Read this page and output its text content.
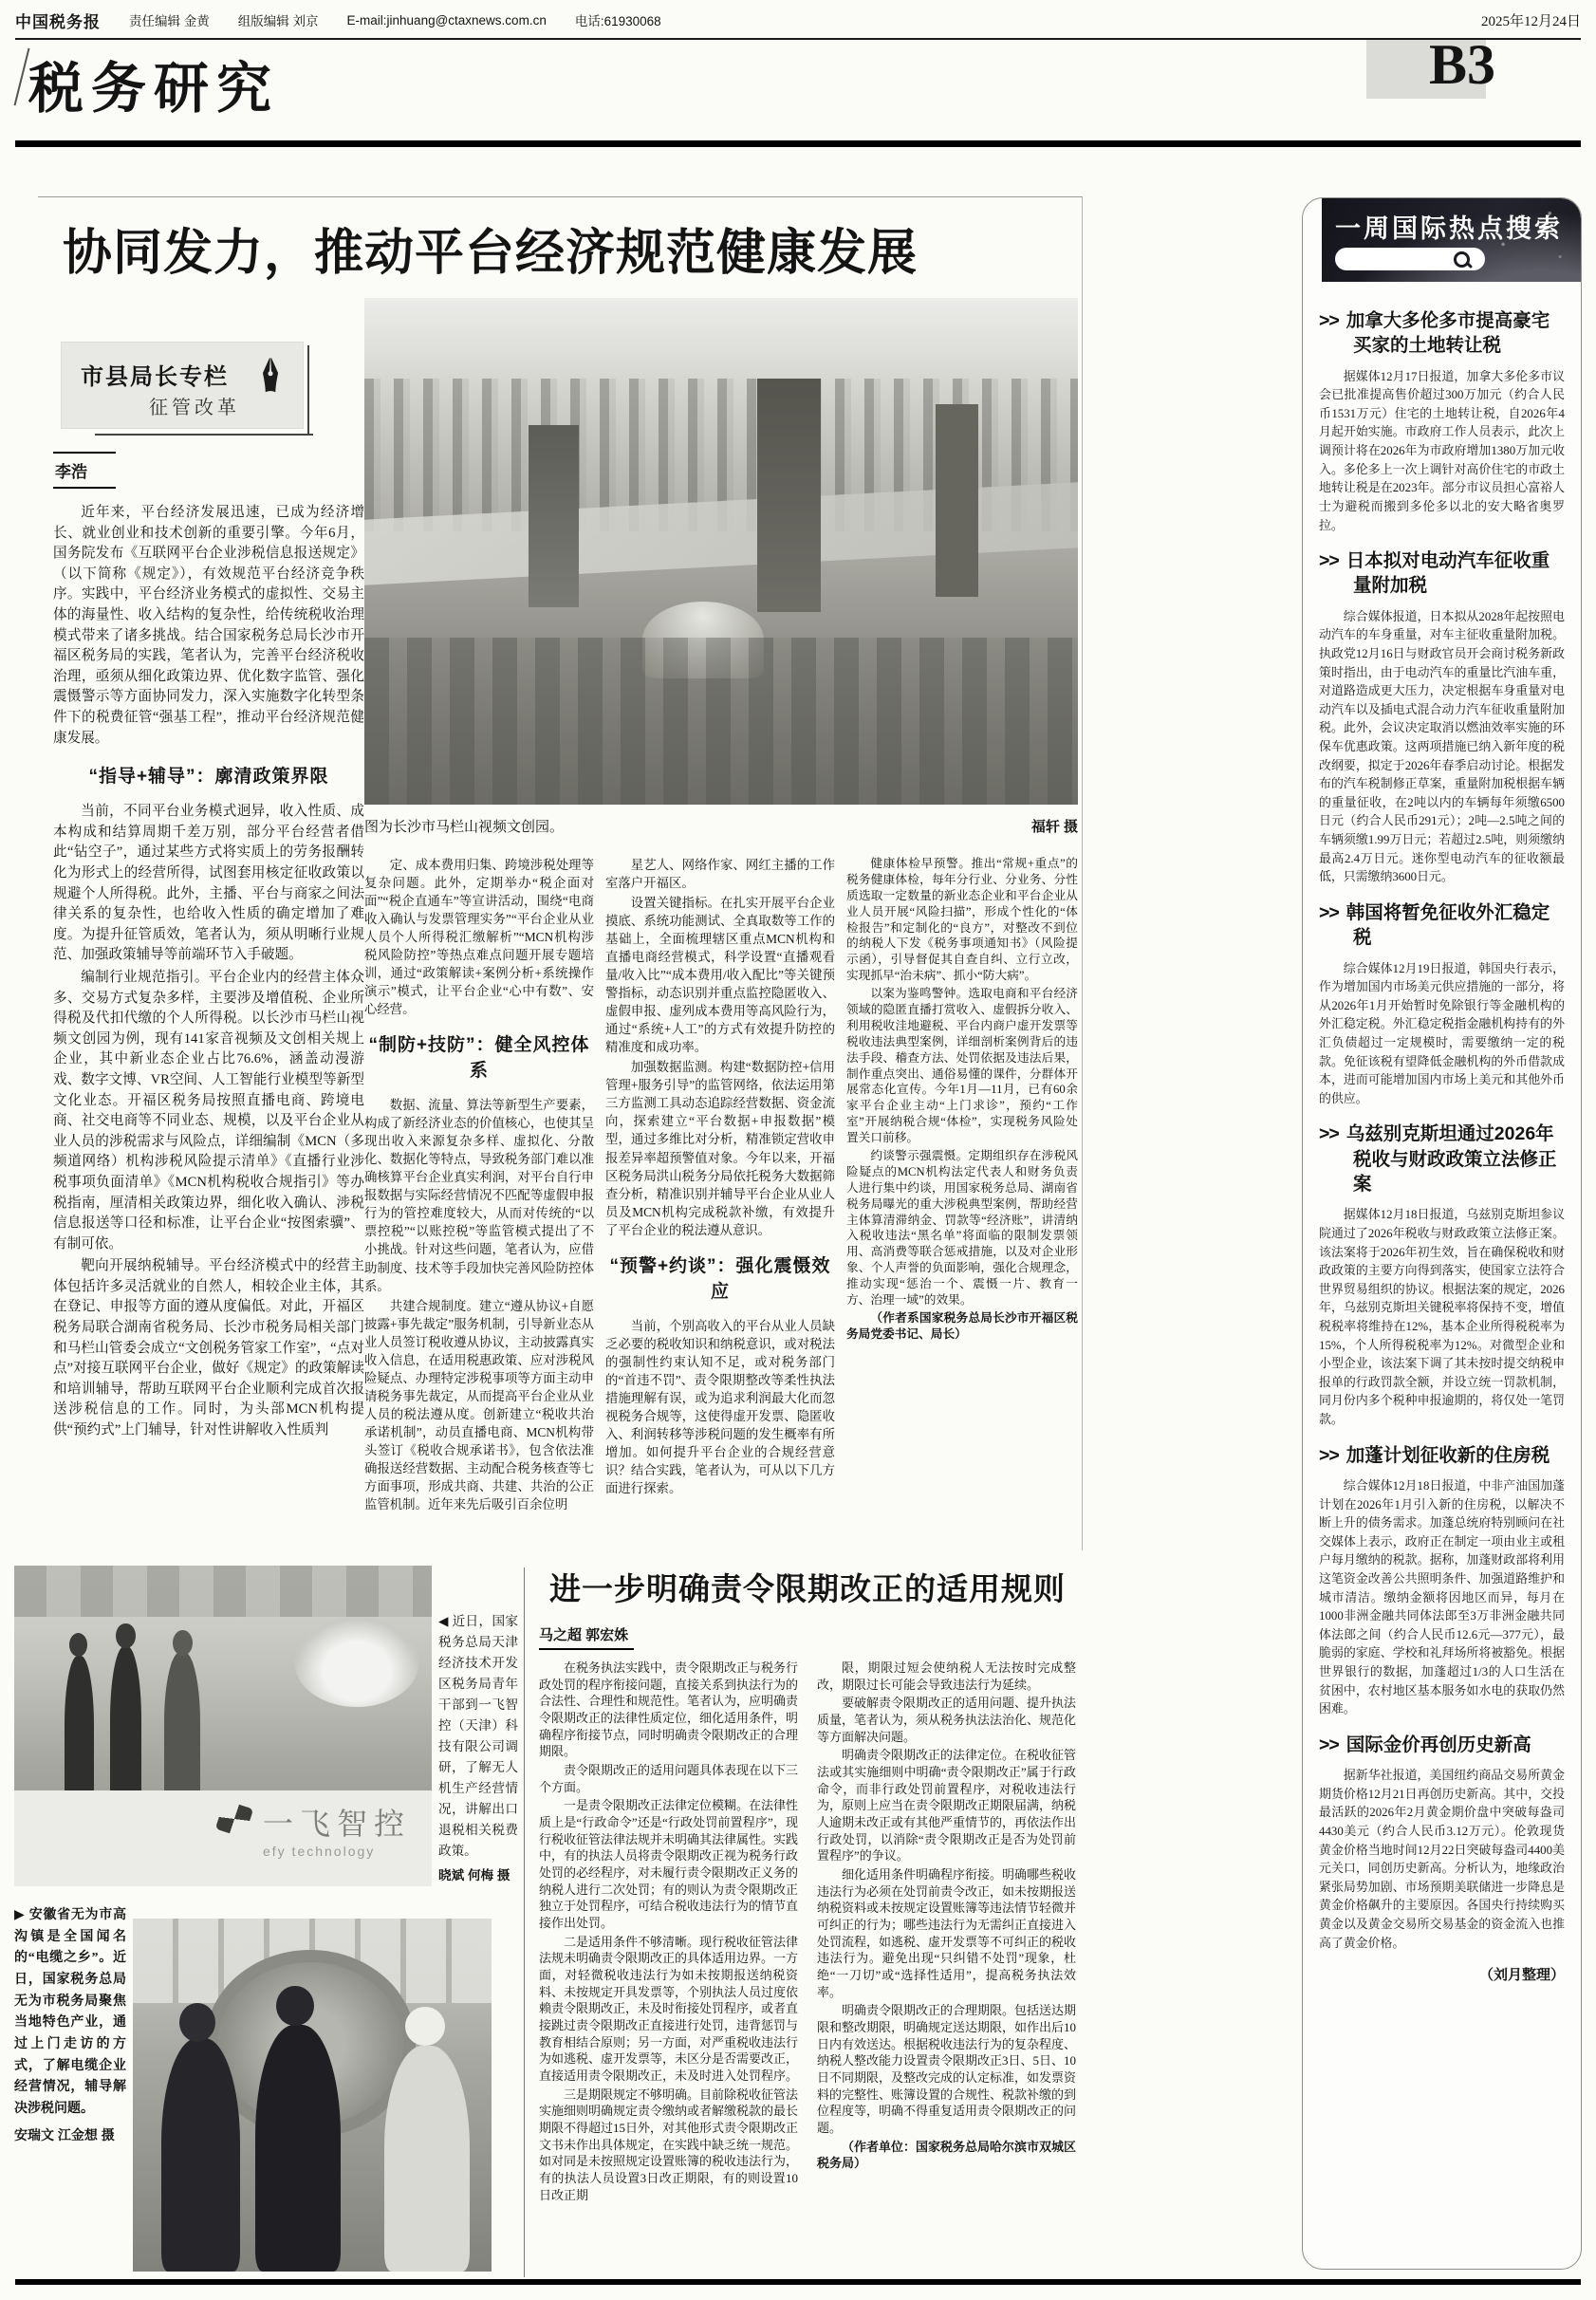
中国税务报 责任编辑 金黄 组版编辑 刘京 E-mail:jinhuang@ctaxnews.com.cn 电话:61930068	2025年12月24日
税务研究	B3
协同发力，推动平台经济规范健康发展
市县局长专栏
征管改革
✒
李浩

近年来，平台经济发展迅速，已成为经济增长、就业创业和技术创新的重要引擎。今年6月，国务院发布《互联网平台企业涉税信息报送规定》（以下简称《规定》），有效规范平台经济竞争秩序。实践中，平台经济业务模式的虚拟性、交易主体的海量性、收入结构的复杂性，给传统税收治理模式带来了诸多挑战。结合国家税务总局长沙市开福区税务局的实践，笔者认为，完善平台经济税收治理，亟须从细化政策边界、优化数字监管、强化震慑警示等方面协同发力，深入实施数字化转型条件下的税费征管“强基工程”，推动平台经济规范健康发展。

“指导+辅导”：廓清政策界限

当前，不同平台业务模式迥异，收入性质、成本构成和结算周期千差万别，部分平台经营者借此“钻空子”，通过某些方式将实质上的劳务报酬转化为形式上的经营所得，试图套用核定征收政策以规避个人所得税。此外，主播、平台与商家之间法律关系的复杂性，也给收入性质的确定增加了难度。为提升征管质效，笔者认为，须从明晰行业规范、加强政策辅导等前端环节入手破题。

编制行业规范指引。平台企业内的经营主体众多、交易方式复杂多样，主要涉及增值税、企业所得税及代扣代缴的个人所得税。以长沙市马栏山视频文创园为例，现有141家音视频及文创相关规上企业，其中新业态企业占比76.6%，涵盖动漫游戏、数字文博、VR空间、人工智能行业模型等新型文化业态。开福区税务局按照直播电商、跨境电商、社交电商等不同业态、规模，以及平台企业从业人员的涉税需求与风险点，详细编制《MCN（多频道网络）机构涉税风险提示清单》《直播行业涉税事项负面清单》《MCN机构税收合规指引》等办税指南，厘清相关政策边界，细化收入确认、涉税信息报送等口径和标准，让平台企业“按图索骥”、有制可依。

靶向开展纳税辅导。平台经济模式中的经营主体包括许多灵活就业的自然人，相较企业主体，其在登记、申报等方面的遵从度偏低。对此，开福区税务局联合湖南省税务局、长沙市税务局相关部门和马栏山管委会成立“文创税务管家工作室”，“点对点”对接互联网平台企业，做好《规定》的政策解读和培训辅导，帮助互联网平台企业顺利完成首次报送涉税信息的工作。同时，为头部MCN机构提供“预约式”上门辅导，针对性讲解收入性质判

图为长沙市马栏山视频文创园。	福轩 摄

定、成本费用归集、跨境涉税处理等复杂问题。此外，定期举办“税企面对面”“税企直通车”等宣讲活动，围绕“电商收入确认与发票管理实务”“平台企业从业人员个人所得税汇缴解析”“MCN机构涉税风险防控”等热点难点问题开展专题培训，通过“政策解读+案例分析+系统操作演示”模式，让平台企业“心中有数”、安心经营。

“制防+技防”：健全风控体系

数据、流量、算法等新型生产要素，构成了新经济业态的价值核心，也使其呈现出收入来源复杂多样、虚拟化、分散化、数据化等特点，导致税务部门难以准确核算平台企业真实利润，对平台自行申报数据与实际经营情况不匹配等虚假申报行为的管控难度较大，从而对传统的“以票控税”“以账控税”等监管模式提出了不小挑战。针对这些问题，笔者认为，应借助制度、技术等手段加快完善风险防控体系。

共建合规制度。建立“遵从协议+自愿披露+事先裁定”服务机制，引导新业态从业人员签订税收遵从协议，主动披露真实收入信息，在适用税惠政策、应对涉税风险疑点、办理特定涉税事项等方面主动申请税务事先裁定，从而提高平台企业从业人员的税法遵从度。创新建立“税收共治承诺机制”，动员直播电商、MCN机构带头签订《税收合规承诺书》，包含依法准确报送经营数据、主动配合税务核查等七方面事项，形成共商、共建、共治的公正监管机制。近年来先后吸引百余位明

星艺人、网络作家、网红主播的工作室落户开福区。

设置关键指标。在扎实开展平台企业摸底、系统功能测试、全真取数等工作的基础上，全面梳理辖区重点MCN机构和直播电商经营模式，科学设置“直播观看量/收入比”“成本费用/收入配比”等关键预警指标，动态识别并重点监控隐匿收入、虚假申报、虚列成本费用等高风险行为，通过“系统+人工”的方式有效提升防控的精准度和成功率。

加强数据监测。构建“数据防控+信用管理+服务引导”的监管网络，依法运用第三方监测工具动态追踪经营数据、资金流向，探索建立“平台数据+申报数据”模型，通过多维比对分析，精准锁定营收申报差异率超预警值对象。今年以来，开福区税务局洪山税务分局依托税务大数据筛查分析，精准识别并辅导平台企业从业人员及MCN机构完成税款补缴，有效提升了平台企业的税法遵从意识。

“预警+约谈”：强化震慑效应

当前，个别高收入的平台从业人员缺乏必要的税收知识和纳税意识，或对税法的强制性约束认知不足，或对税务部门的“首违不罚”、责令限期整改等柔性执法措施理解有误，或为追求利润最大化而忽视税务合规等，这使得虚开发票、隐匿收入、利润转移等涉税问题的发生概率有所增加。如何提升平台企业的合规经营意识？结合实践，笔者认为，可从以下几方面进行探索。

健康体检早预警。推出“常规+重点”的税务健康体检，每年分行业、分业务、分性质选取一定数量的新业态企业和平台企业从业人员开展“风险扫描”，形成个性化的“体检报告”和定制化的“良方”，对整改不到位的纳税人下发《税务事项通知书》（风险提示函），引导督促其自查自纠、立行立改，实现抓早“治未病”、抓小“防大病”。

以案为鉴鸣警钟。选取电商和平台经济领域的隐匿直播打赏收入、虚假拆分收入、利用税收洼地避税、平台内商户虚开发票等税收违法典型案例，详细剖析案例背后的违法手段、稽查方法、处罚依据及违法后果，制作重点突出、通俗易懂的课件，分群体开展常态化宣传。今年1月—11月，已有60余家平台企业主动“上门求诊”，预约“工作室”开展纳税合规“体检”，实现税务风险处置关口前移。

约谈警示强震慑。定期组织存在涉税风险疑点的MCN机构法定代表人和财务负责人进行集中约谈，用国家税务总局、湖南省税务局曝光的重大涉税典型案例，帮助经营主体算清滞纳金、罚款等“经济账”，讲清纳入税收违法“黑名单”将面临的限制发票领用、高消费等联合惩戒措施，以及对企业形象、个人声誉的负面影响，强化合规理念，推动实现“惩治一个、震慑一片、教育一方、治理一域”的效果。

（作者系国家税务总局长沙市开福区税务局党委书记、局长）

一周国际热点搜索
>> 加拿大多伦多市提高豪宅买家的土地转让税

据媒体12月17日报道，加拿大多伦多市议会已批准提高售价超过300万加元（约合人民币1531万元）住宅的土地转让税，自2026年4月起开始实施。市政府工作人员表示，此次上调预计将在2026年为市政府增加1380万加元收入。多伦多上一次上调针对高价住宅的市政土地转让税是在2023年。部分市议员担心富裕人士为避税而搬到多伦多以北的安大略省奥罗拉。

>> 日本拟对电动汽车征收重量附加税

综合媒体报道，日本拟从2028年起按照电动汽车的车身重量，对车主征收重量附加税。执政党12月16日与财政官员开会商讨税务新政策时指出，由于电动汽车的重量比汽油车重，对道路造成更大压力，决定根据车身重量对电动汽车以及插电式混合动力汽车征收重量附加税。此外，会议决定取消以燃油效率实施的环保车优惠政策。这两项措施已纳入新年度的税改纲要，拟定于2026年春季启动讨论。根据发布的汽车税制修正草案，重量附加税根据车辆的重量征收，在2吨以内的车辆每年须缴6500日元（约合人民币291元）；2吨—2.5吨之间的车辆须缴1.99万日元；若超过2.5吨，则须缴纳最高2.4万日元。迷你型电动汽车的征收额最低，只需缴纳3600日元。

>> 韩国将暂免征收外汇稳定税

综合媒体12月19日报道，韩国央行表示，作为增加国内市场美元供应措施的一部分，将从2026年1月开始暂时免除银行等金融机构的外汇稳定税。外汇稳定税指金融机构持有的外汇负债超过一定规模时，需要缴纳一定的税款。免征该税有望降低金融机构的外币借款成本，进而可能增加国内市场上美元和其他外币的供应。

>> 乌兹别克斯坦通过2026年税收与财政政策立法修正案

据媒体12月18日报道，乌兹别克斯坦参议院通过了2026年税收与财政政策立法修正案。该法案将于2026年初生效，旨在确保税收和财政政策的主要方向得到落实，使国家立法符合世界贸易组织的协议。根据法案的规定，2026年，乌兹别克斯坦关键税率将保持不变，增值税税率将维持在12%，基本企业所得税税率为15%，个人所得税税率为12%。对微型企业和小型企业，该法案下调了其未按时提交纳税申报单的行政罚款全额，并设立统一罚款机制，同月份内多个税种申报逾期的，将仅处一笔罚款。

>> 加蓬计划征收新的住房税

综合媒体12月18日报道，中非产油国加蓬计划在2026年1月引入新的住房税，以解决不断上升的债务需求。加蓬总统府特别顾问在社交媒体上表示，政府正在制定一项由业主或租户每月缴纳的税款。据称，加蓬财政部将利用这笔资金改善公共照明条件、加强道路维护和城市清洁。缴纳金额将因地区而异，每月在1000非洲金融共同体法郎至3万非洲金融共同体法郎之间（约合人民币12.6元—377元），最脆弱的家庭、学校和礼拜场所将被豁免。根据世界银行的数据，加蓬超过1/3的人口生活在贫困中，农村地区基本服务如水电的获取仍然困难。

>> 国际金价再创历史新高

据新华社报道，美国纽约商品交易所黄金期货价格12月21日再创历史新高。其中，交投最活跃的2026年2月黄金期价盘中突破每盎司4430美元（约合人民币3.12万元）。伦敦现货黄金价格当地时间12月22日突破每盎司4400美元关口，同创历史新高。分析认为，地缘政治紧张局势加剧、市场预期美联储进一步降息是黄金价格飙升的主要原因。各国央行持续购买黄金以及黄金交易所交易基金的资金流入也推高了黄金价格。

（刘月整理）
一飞智控
efy technology
◀ 近日，国家税务总局天津经济技术开发区税务局青年干部到一飞智控（天津）科技有限公司调研，了解无人机生产经营情况，讲解出口退税相关税费政策。
晓斌 何梅 摄
▶ 安徽省无为市高沟镇是全国闻名的“电缆之乡”。近日，国家税务总局无为市税务局聚焦当地特色产业，通过上门走访的方式，了解电缆企业经营情况，辅导解决涉税问题。
安瑞文 江金想 摄
进一步明确责令限期改正的适用规则
马之超 郭宏姝

在税务执法实践中，责令限期改正与税务行政处罚的程序衔接问题，直接关系到执法行为的合法性、合理性和规范性。笔者认为，应明确责令限期改正的法律性质定位，细化适用条件，明确程序衔接节点，同时明确责令限期改正的合理期限。

责令限期改正的适用问题具体表现在以下三个方面。

一是责令限期改正法律定位模糊。在法律性质上是“行政命令”还是“行政处罚前置程序”，现行税收征管法律法规并未明确其法律属性。实践中，有的执法人员将责令限期改正视为税务行政处罚的必经程序，对未履行责令限期改正义务的纳税人进行二次处罚；有的则认为责令限期改正独立于处罚程序，可结合税收违法行为的情节直接作出处罚。

二是适用条件不够清晰。现行税收征管法律法规未明确责令限期改正的具体适用边界。一方面，对轻微税收违法行为如未按期报送纳税资料、未按规定开具发票等，个别执法人员过度依赖责令限期改正，未及时衔接处罚程序，或者直接跳过责令限期改正直接进行处罚，违背惩罚与教育相结合原则；另一方面，对严重税收违法行为如逃税、虚开发票等，未区分是否需要改正，直接适用责令限期改正，未及时进入处罚程序。

三是期限规定不够明确。目前除税收征管法实施细则明确规定责令缴纳或者解缴税款的最长期限不得超过15日外，对其他形式责令限期改正文书未作出具体规定，在实践中缺乏统一规范。如对同是未按照规定设置账簿的税收违法行为，有的执法人员设置3日改正期限，有的则设置10日改正期

限，期限过短会使纳税人无法按时完成整改，期限过长可能会导致违法行为延续。

要破解责令限期改正的适用问题、提升执法质量，笔者认为，须从税务执法法治化、规范化等方面解决问题。

明确责令限期改正的法律定位。在税收征管法或其实施细则中明确“责令限期改正”属于行政命令，而非行政处罚前置程序，对税收违法行为，原则上应当在责令限期改正期限届满，纳税人逾期未改正或有其他严重情节的，再依法作出行政处罚，以消除“责令限期改正是否为处罚前置程序”的争议。

细化适用条件明确程序衔接。明确哪些税收违法行为必须在处罚前责令改正，如未按期报送纳税资料或未按规定设置账簿等违法情节轻微并可纠正的行为；哪些违法行为无需纠正直接进入处罚流程，如逃税、虚开发票等不可纠正的税收违法行为。避免出现“只纠错不处罚”现象，杜绝“一刀切”或“选择性适用”，提高税务执法效率。

明确责令限期改正的合理期限。包括送达期限和整改期限，明确规定送达期限，如作出后10日内有效送达。根据税收违法行为的复杂程度、纳税人整改能力设置责令限期改正3日、5日、10日不同期限，及整改完成的认定标准，如发票资料的完整性、账簿设置的合规性、税款补缴的到位程度等，明确不得重复适用责令限期改正的问题。

（作者单位：国家税务总局哈尔滨市双城区税务局）
